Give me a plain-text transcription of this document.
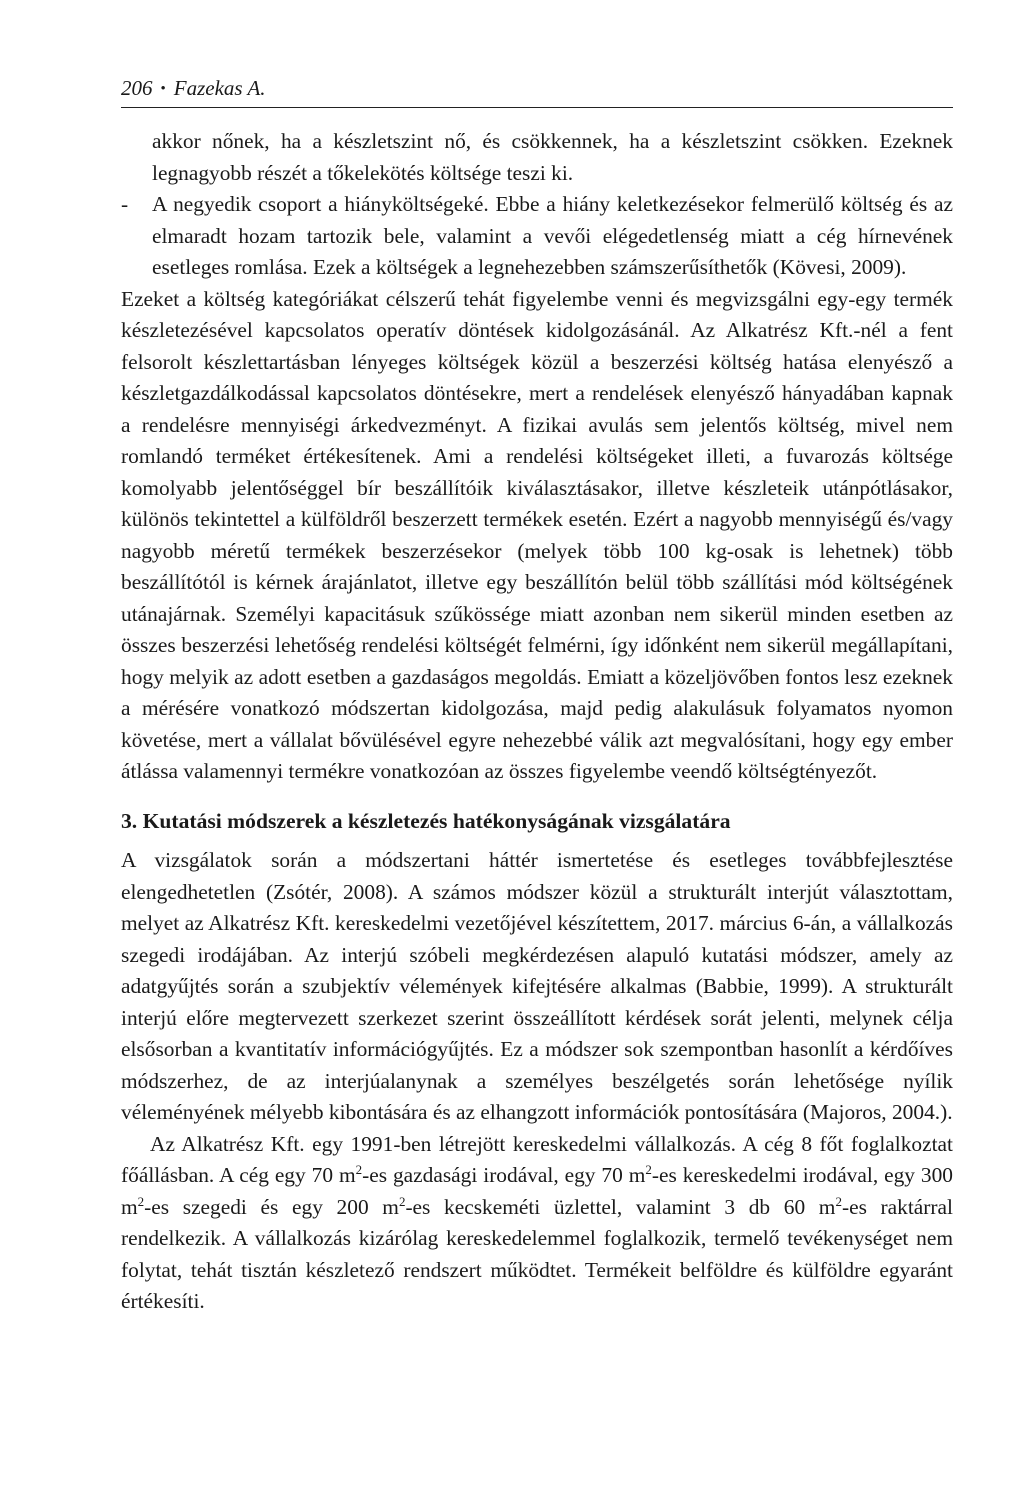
206 • Fazekas A.

akkor nőnek, ha a készletszint nő, és csökkennek, ha a készletszint csökken. Ezeknek legnagyobb részét a tőkelekötés költsége teszi ki.

- A negyedik csoport a hiányköltségeké. Ebbe a hiány keletkezésekor felmerülő költség és az elmaradt hozam tartozik bele, valamint a vevői elégedetlenség miatt a cég hírnevének esetleges romlása. Ezek a költségek a legnehezebben számszerűsíthetők (Kövesi, 2009).

Ezeket a költség kategóriákat célszerű tehát figyelembe venni és megvizsgálni egy-egy termék készletezésével kapcsolatos operatív döntések kidolgozásánál. Az Alkatrész Kft.-nél a fent felsorolt készlettartásban lényeges költségek közül a beszerzési költség hatása elenyésző a készletgazdálkodással kapcsolatos döntésekre, mert a rendelések elenyésző hányadában kapnak a rendelésre mennyiségi árkedvezményt. A fizikai avulás sem jelentős költség, mivel nem romlandó terméket értékesítenek. Ami a rendelési költségeket illeti, a fuvarozás költsége komolyabb jelentőséggel bír beszállítóik kiválasztásakor, illetve készleteik utánpótlásakor, különös tekintettel a külföldről beszerzett termékek esetén. Ezért a nagyobb mennyiségű és/vagy nagyobb méretű termékek beszerzésekor (melyek több 100 kg-osak is lehetnek) több beszállítótól is kérnek árajánlatot, illetve egy beszállítón belül több szállítási mód költségének utánajárnak. Személyi kapacitásuk szűkössége miatt azonban nem sikerül minden esetben az összes beszerzési lehetőség rendelési költségét felmérni, így időnként nem sikerül megállapítani, hogy melyik az adott esetben a gazdaságos megoldás. Emiatt a közeljövőben fontos lesz ezeknek a mérésére vonatkozó módszertan kidolgozása, majd pedig alakulásuk folyamatos nyomon követése, mert a vállalat bővülésével egyre nehezebbé válik azt megvalósítani, hogy egy ember átlássa valamennyi termékre vonatkozóan az összes figyelembe veendő költségtényezőt.

3. Kutatási módszerek a készletezés hatékonyságának vizsgálatára

A vizsgálatok során a módszertani háttér ismertetése és esetleges továbbfejlesztése elengedhetetlen (Zsótér, 2008). A számos módszer közül a strukturált interjút választottam, melyet az Alkatrész Kft. kereskedelmi vezetőjével készítettem, 2017. március 6-án, a vállalkozás szegedi irodájában. Az interjú szóbeli megkérdezésen alapuló kutatási módszer, amely az adatgyűjtés során a szubjektív vélemények kifejtésére alkalmas (Babbie, 1999). A strukturált interjú előre megtervezett szerkezet szerint összeállított kérdések sorát jelenti, melynek célja elsősorban a kvantitatív információgyűjtés. Ez a módszer sok szempontban hasonlít a kérdőíves módszerhez, de az interjúalanynak a személyes beszélgetés során lehetősége nyílik véleményének mélyebb kibontására és az elhangzott információk pontosítására (Majoros, 2004.).

Az Alkatrész Kft. egy 1991-ben létrejött kereskedelmi vállalkozás. A cég 8 főt foglalkoztat főállásban. A cég egy 70 $m^2-es$ gazdasági irodával, egy 70 $m^2-es$ kereskedelmi irodával, egy 300 $m^2-es$ szegedi és egy 200 $m^2-es$ kecskeméti üzlettel, valamint 3 db 60 $m^2-es$ raktárral rendelkezik. A vállalkozás kizárólag kereskedelemmel foglalkozik, termelő tevékenységet nem folytat, tehát tisztán készletező rendszert működtet. Termékeit belföldre és külföldre egyaránt értékesíti.
